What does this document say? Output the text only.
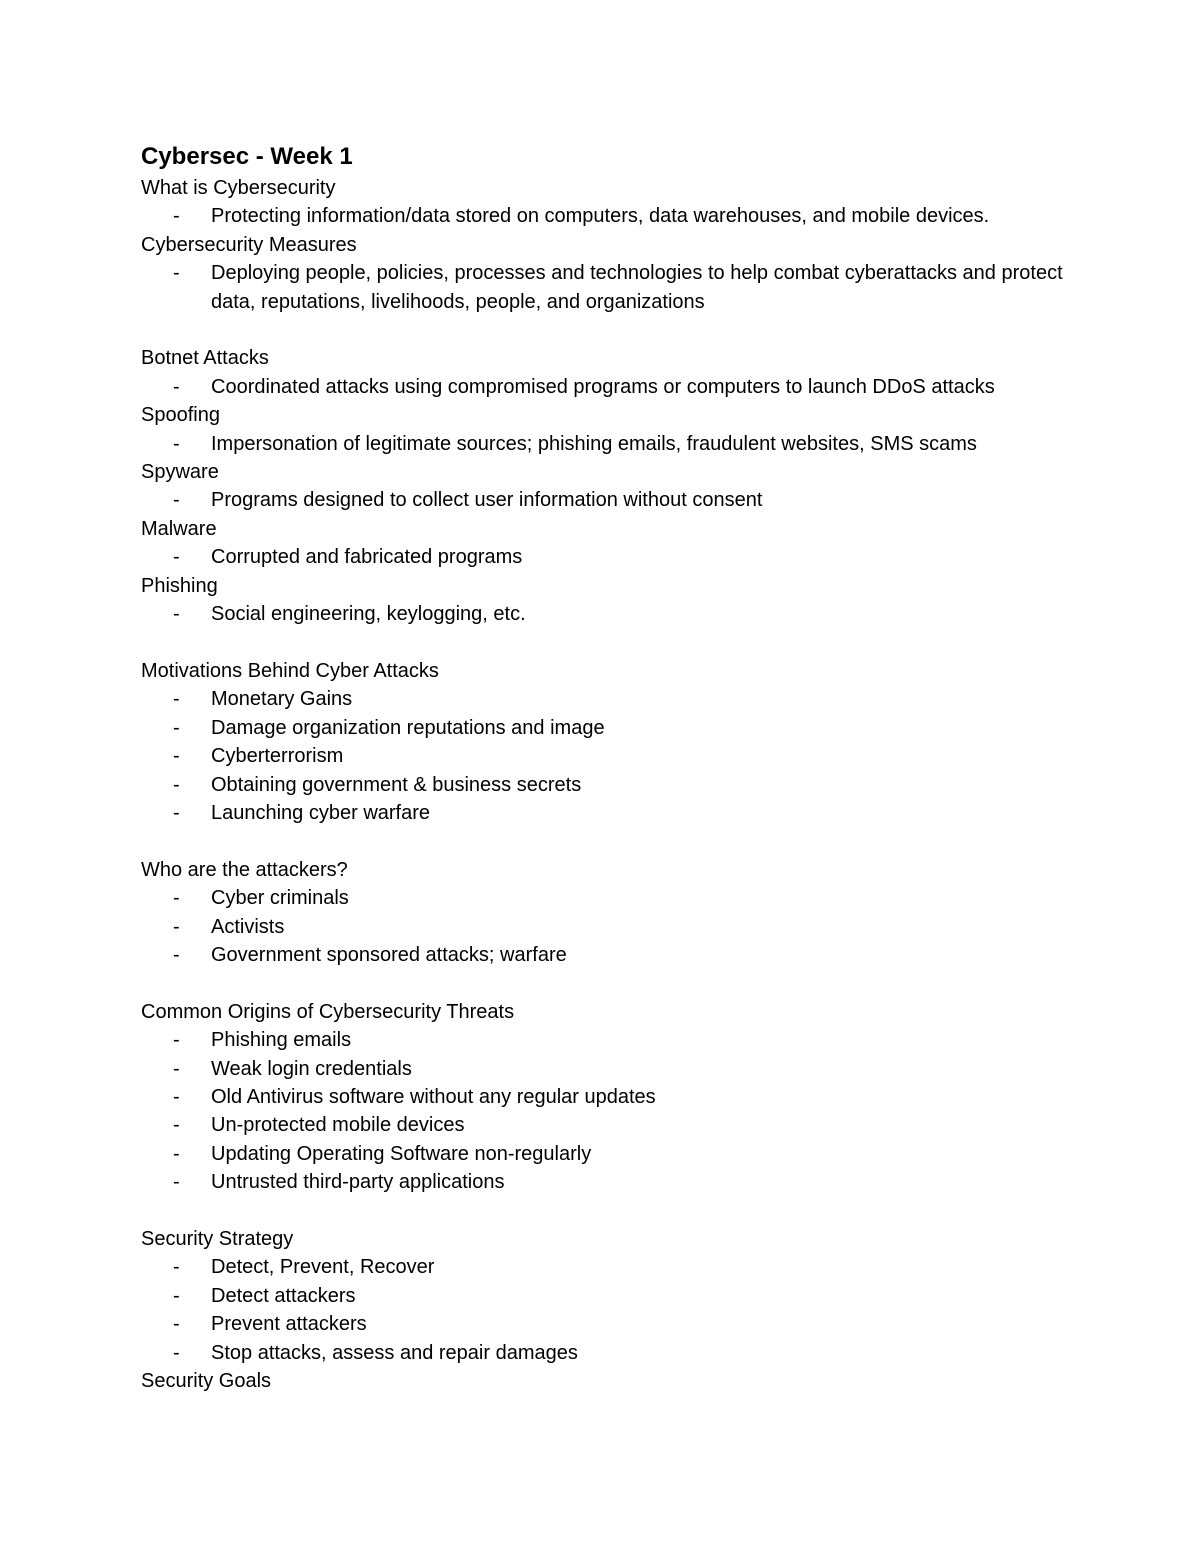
Cybersec - Week 1
What is Cybersecurity
- Protecting information/data stored on computers, data warehouses, and mobile devices.
Cybersecurity Measures
- Deploying people, policies, processes and technologies to help combat cyberattacks and protect data, reputations, livelihoods, people, and organizations
Botnet Attacks
- Coordinated attacks using compromised programs or computers to launch DDoS attacks
Spoofing
- Impersonation of legitimate sources; phishing emails, fraudulent websites, SMS scams
Spyware
- Programs designed to collect user information without consent
Malware
- Corrupted and fabricated programs
Phishing
- Social engineering, keylogging, etc.
Motivations Behind Cyber Attacks
- Monetary Gains
- Damage organization reputations and image
- Cyberterrorism
- Obtaining government & business secrets
- Launching cyber warfare
Who are the attackers?
- Cyber criminals
- Activists
- Government sponsored attacks; warfare
Common Origins of Cybersecurity Threats
- Phishing emails
- Weak login credentials
- Old Antivirus software without any regular updates
- Un-protected mobile devices
- Updating Operating Software non-regularly
- Untrusted third-party applications
Security Strategy
- Detect, Prevent, Recover
- Detect attackers
- Prevent attackers
- Stop attacks, assess and repair damages
Security Goals
